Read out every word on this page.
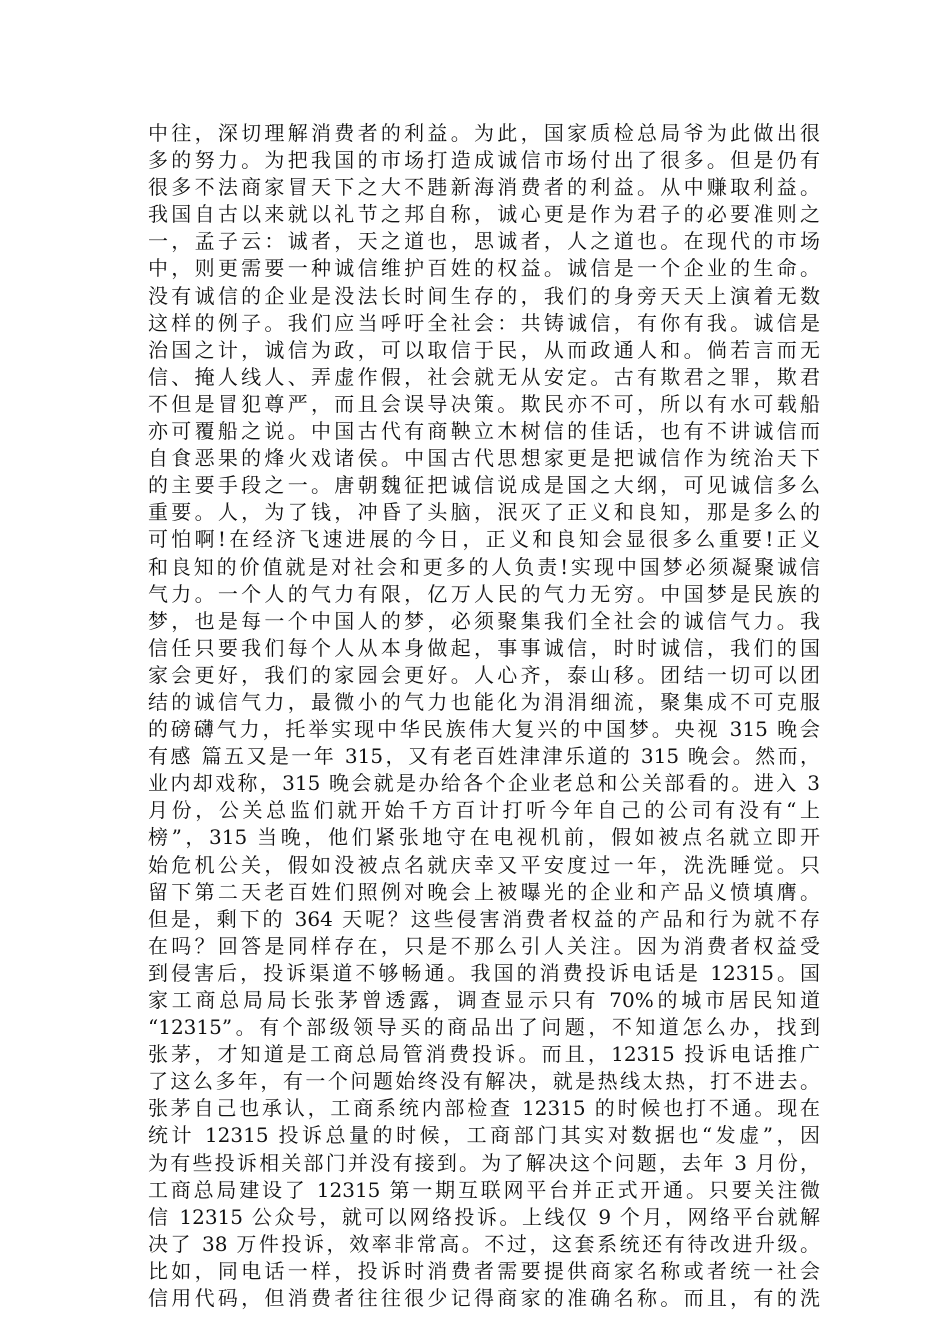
中往，深切理解消费者的利益。为此，国家质检总局爷为此做出很
多的努力。为把我国的市场打造成诚信市场付出了很多。但是仍有
很多不法商家冒天下之大不韪新海消费者的利益。从中赚取利益。
我国自古以来就以礼节之邦自称，诚心更是作为君子的必要准则之
一，孟子云：诚者，天之道也，思诚者，人之道也。在现代的市场
中，则更需要一种诚信维护百姓的权益。诚信是一个企业的生命。
没有诚信的企业是没法长时间生存的，我们的身旁天天上演着无数
这样的例子。我们应当呼吁全社会：共铸诚信，有你有我。诚信是
治国之计，诚信为政，可以取信于民，从而政通人和。倘若言而无
信、掩人线人、弄虚作假，社会就无从安定。古有欺君之罪，欺君
不但是冒犯尊严，而且会误导决策。欺民亦不可，所以有水可载船
亦可覆船之说。中国古代有商鞅立木树信的佳话，也有不讲诚信而
自食恶果的烽火戏诸侯。中国古代思想家更是把诚信作为统治天下
的主要手段之一。唐朝魏征把诚信说成是国之大纲，可见诚信多么
重要。人，为了钱，冲昏了头脑，泯灭了正义和良知，那是多么的
可怕啊!在经济飞速进展的今日，正义和良知会显很多么重要!正义
和良知的价值就是对社会和更多的人负责!实现中国梦必须凝聚诚信
气力。一个人的气力有限，亿万人民的气力无穷。中国梦是民族的
梦，也是每一个中国人的梦，必须聚集我们全社会的诚信气力。我
信任只要我们每个人从本身做起，事事诚信，时时诚信，我们的国
家会更好，我们的家园会更好。人心齐，泰山移。团结一切可以团
结的诚信气力，最微小的气力也能化为涓涓细流，聚集成不可克服
的磅礴气力，托举实现中华民族伟大复兴的中国梦。央视 315 晚会
有感 篇五又是一年 315，又有老百姓津津乐道的 315 晚会。然而，
业内却戏称，315 晚会就是办给各个企业老总和公关部看的。进入 3
月份，公关总监们就开始千方百计打听今年自己的公司有没有“上
榜”，315 当晚，他们紧张地守在电视机前，假如被点名就立即开
始危机公关，假如没被点名就庆幸又平安度过一年，洗洗睡觉。只
留下第二天老百姓们照例对晚会上被曝光的企业和产品义愤填膺。
但是，剩下的 364 天呢？这些侵害消费者权益的产品和行为就不存
在吗？回答是同样存在，只是不那么引人关注。因为消费者权益受
到侵害后，投诉渠道不够畅通。我国的消费投诉电话是 12315。国
家工商总局局长张茅曾透露，调查显示只有 70%的城市居民知道
“12315”。有个部级领导买的商品出了问题，不知道怎么办，找到
张茅，才知道是工商总局管消费投诉。而且，12315 投诉电话推广
了这么多年，有一个问题始终没有解决，就是热线太热，打不进去。
张茅自己也承认，工商系统内部检查 12315 的时候也打不通。现在
统计 12315 投诉总量的时候，工商部门其实对数据也“发虚”，因
为有些投诉相关部门并没有接到。为了解决这个问题，去年 3 月份，
工商总局建设了 12315 第一期互联网平台并正式开通。只要关注微
信 12315 公众号，就可以网络投诉。上线仅 9 个月，网络平台就解
决了 38 万件投诉，效率非常高。不过，这套系统还有待改进升级。
比如，同电话一样，投诉时消费者需要提供商家名称或者统一社会
信用代码，但消费者往往很少记得商家的准确名称。而且，有的洗
